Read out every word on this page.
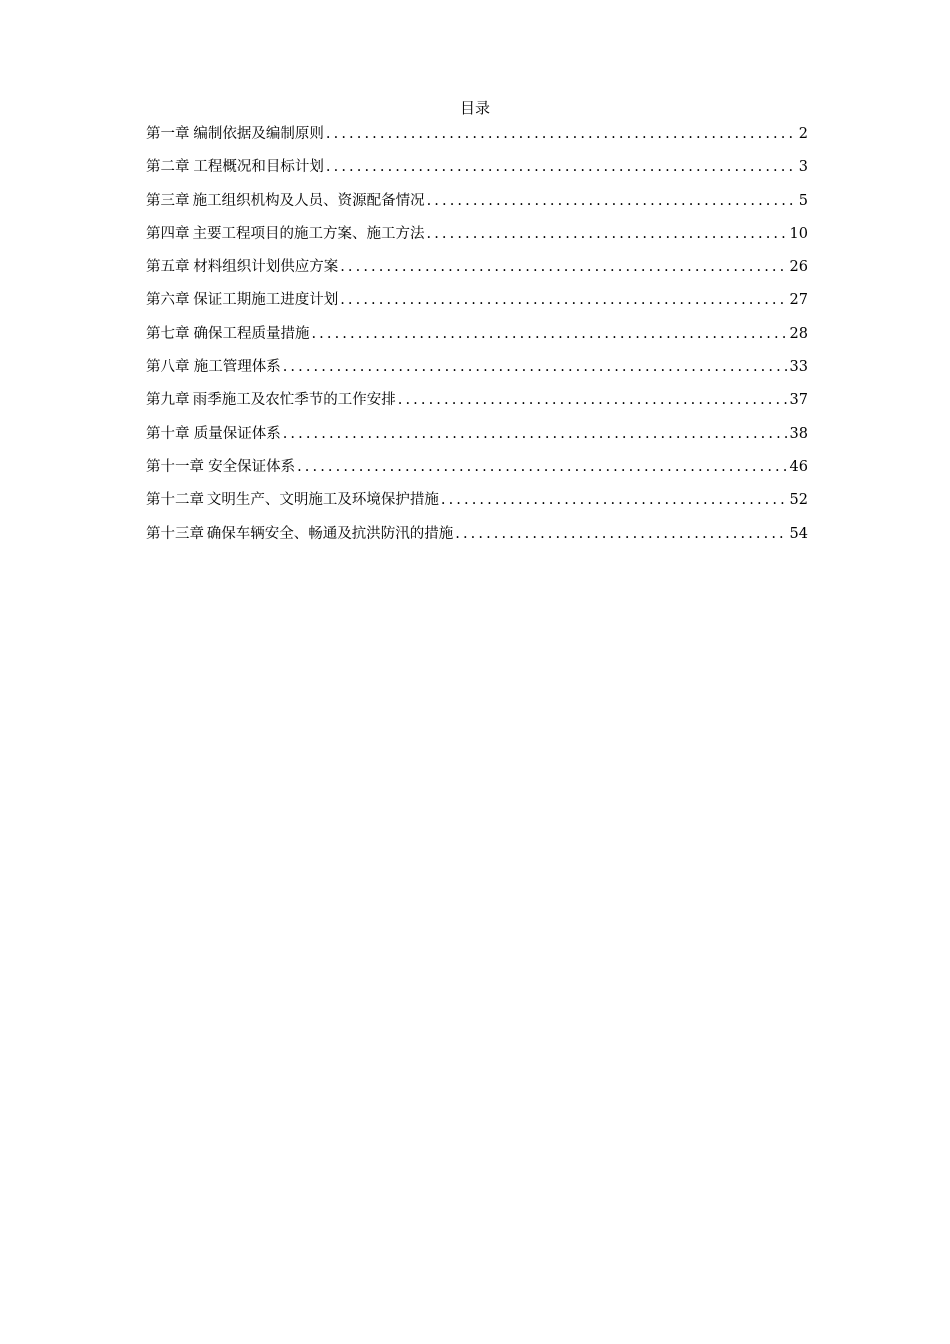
目录
第一章 编制依据及编制原则 .....	2
第二章 工程概况和目标计划 .....	3
第三章 施工组织机构及人员、资源配备情况 .....	5
第四章 主要工程项目的施工方案、施工方法 .....	10
第五章 材料组织计划供应方案 .....	26
第六章 保证工期施工进度计划 .....	27
第七章 确保工程质量措施 .....	28
第八章 施工管理体系 .....	33
第九章 雨季施工及农忙季节的工作安排 .....	37
第十章 质量保证体系 .....	38
第十一章 安全保证体系 .....	46
第十二章 文明生产、文明施工及环境保护措施 .....	52
第十三章 确保车辆安全、畅通及抗洪防汛的措施 .....	54
